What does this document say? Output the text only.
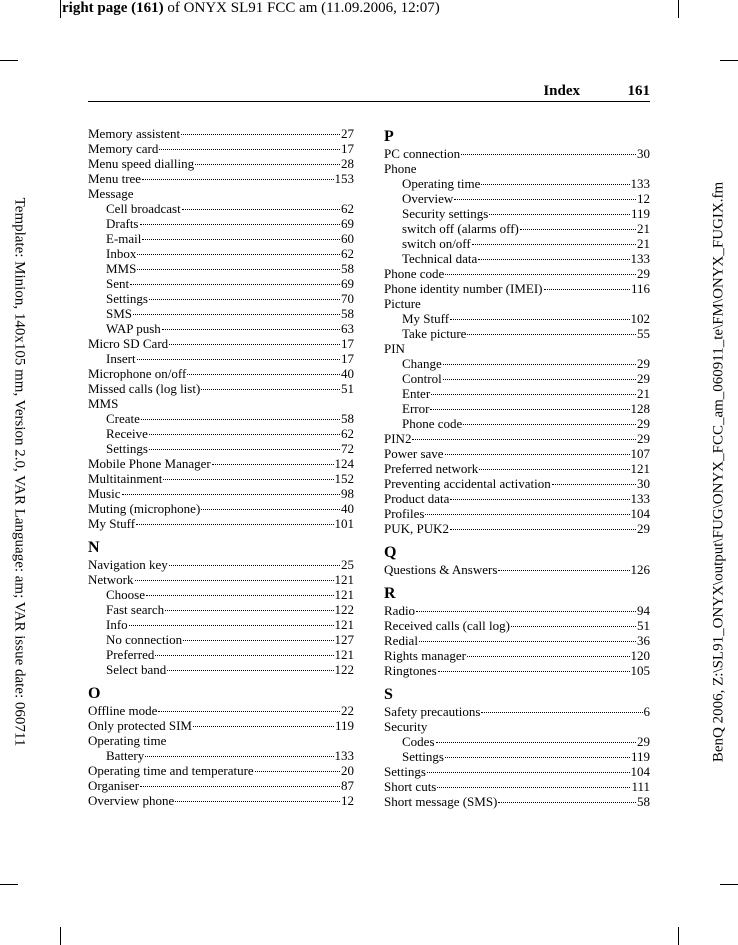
right page (161) of ONYX SL91 FCC am (11.09.2006, 12:07)
Template: Minion, 140x105 mm, Version 2.0, VAR Language: am; VAR issue date: 060711	BenQ 2006, Z:\SL91_ONYX\output\FUG\ONYX_FCC_am_060911_te\FM\ONYX_FUGIX.fm
Index	161
Memory assistent	27
Memory card	17
Menu speed dialling	28
Menu tree	153
Message
Cell broadcast	62
Drafts	69
E-mail	60
Inbox	62
MMS	58
Sent	69
Settings	70
SMS	58
WAP push	63
Micro SD Card	17
Insert	17
Microphone on/off	40
Missed calls (log list)	51
MMS
Create	58
Receive	62
Settings	72
Mobile Phone Manager	124
Multitainment	152
Music	98
Muting (microphone)	40
My Stuff	101
N
Navigation key	25
Network	121
Choose	121
Fast search	122
Info	121
No connection	127
Preferred	121
Select band	122
O
Offline mode	22
Only protected SIM	119
Operating time
Battery	133
Operating time and temperature	20
Organiser	87
Overview phone	12
P
PC connection	30
Phone
Operating time	133
Overview	12
Security settings	119
switch off (alarms off)	21
switch on/off	21
Technical data	133
Phone code	29
Phone identity number (IMEI)	116
Picture
My Stuff	102
Take picture	55
PIN
Change	29
Control	29
Enter	21
Error	128
Phone code	29
PIN2	29
Power save	107
Preferred network	121
Preventing accidental activation	30
Product data	133
Profiles	104
PUK, PUK2	29
Q
Questions & Answers	126
R
Radio	94
Received calls (call log)	51
Redial	36
Rights manager	120
Ringtones	105
S
Safety precautions	6
Security
Codes	29
Settings	119
Settings	104
Short cuts	111
Short message (SMS)	58
